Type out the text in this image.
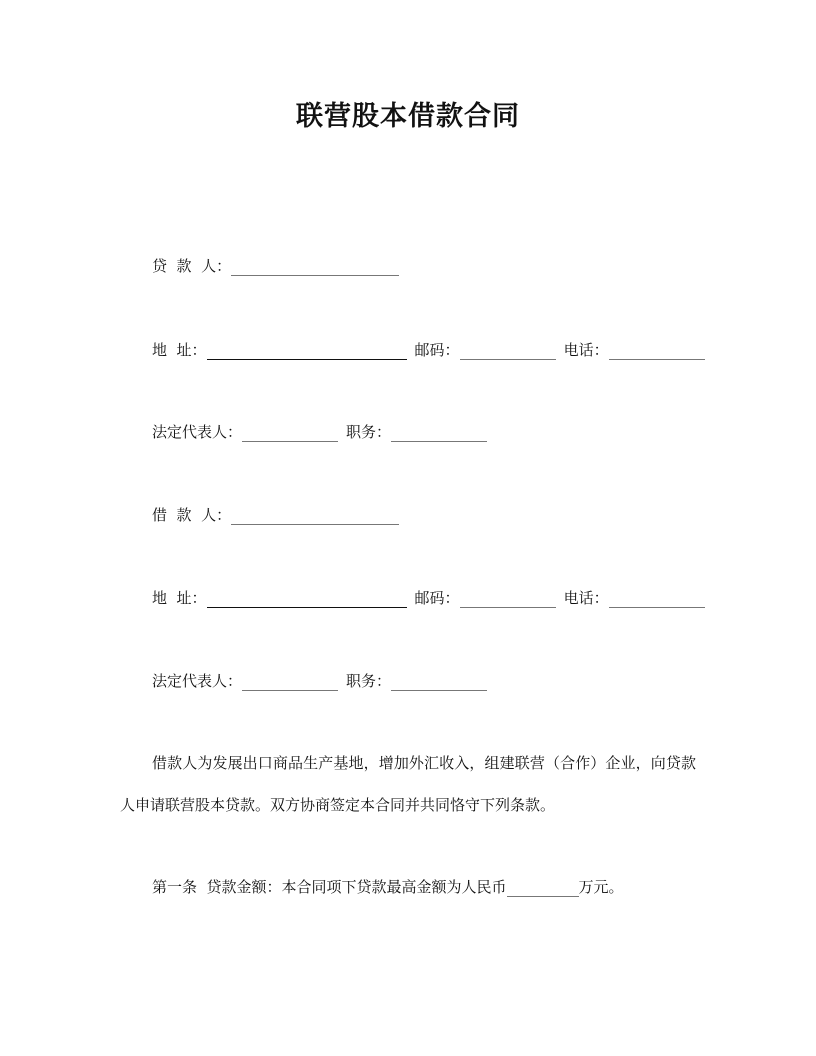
联营股本借款合同
贷  款  人：
地  址：	邮码：	电话：
法定代表人：	职务：
借  款  人：
地  址：	邮码：	电话：
法定代表人：	职务：
借款人为发展出口商品生产基地，增加外汇收入，组建联营（合作）企业，向贷款人申请联营股本贷款。双方协商签定本合同并共同恪守下列条款。
第一条  贷款金额：本合同项下贷款最高金额为人民币	万元。
